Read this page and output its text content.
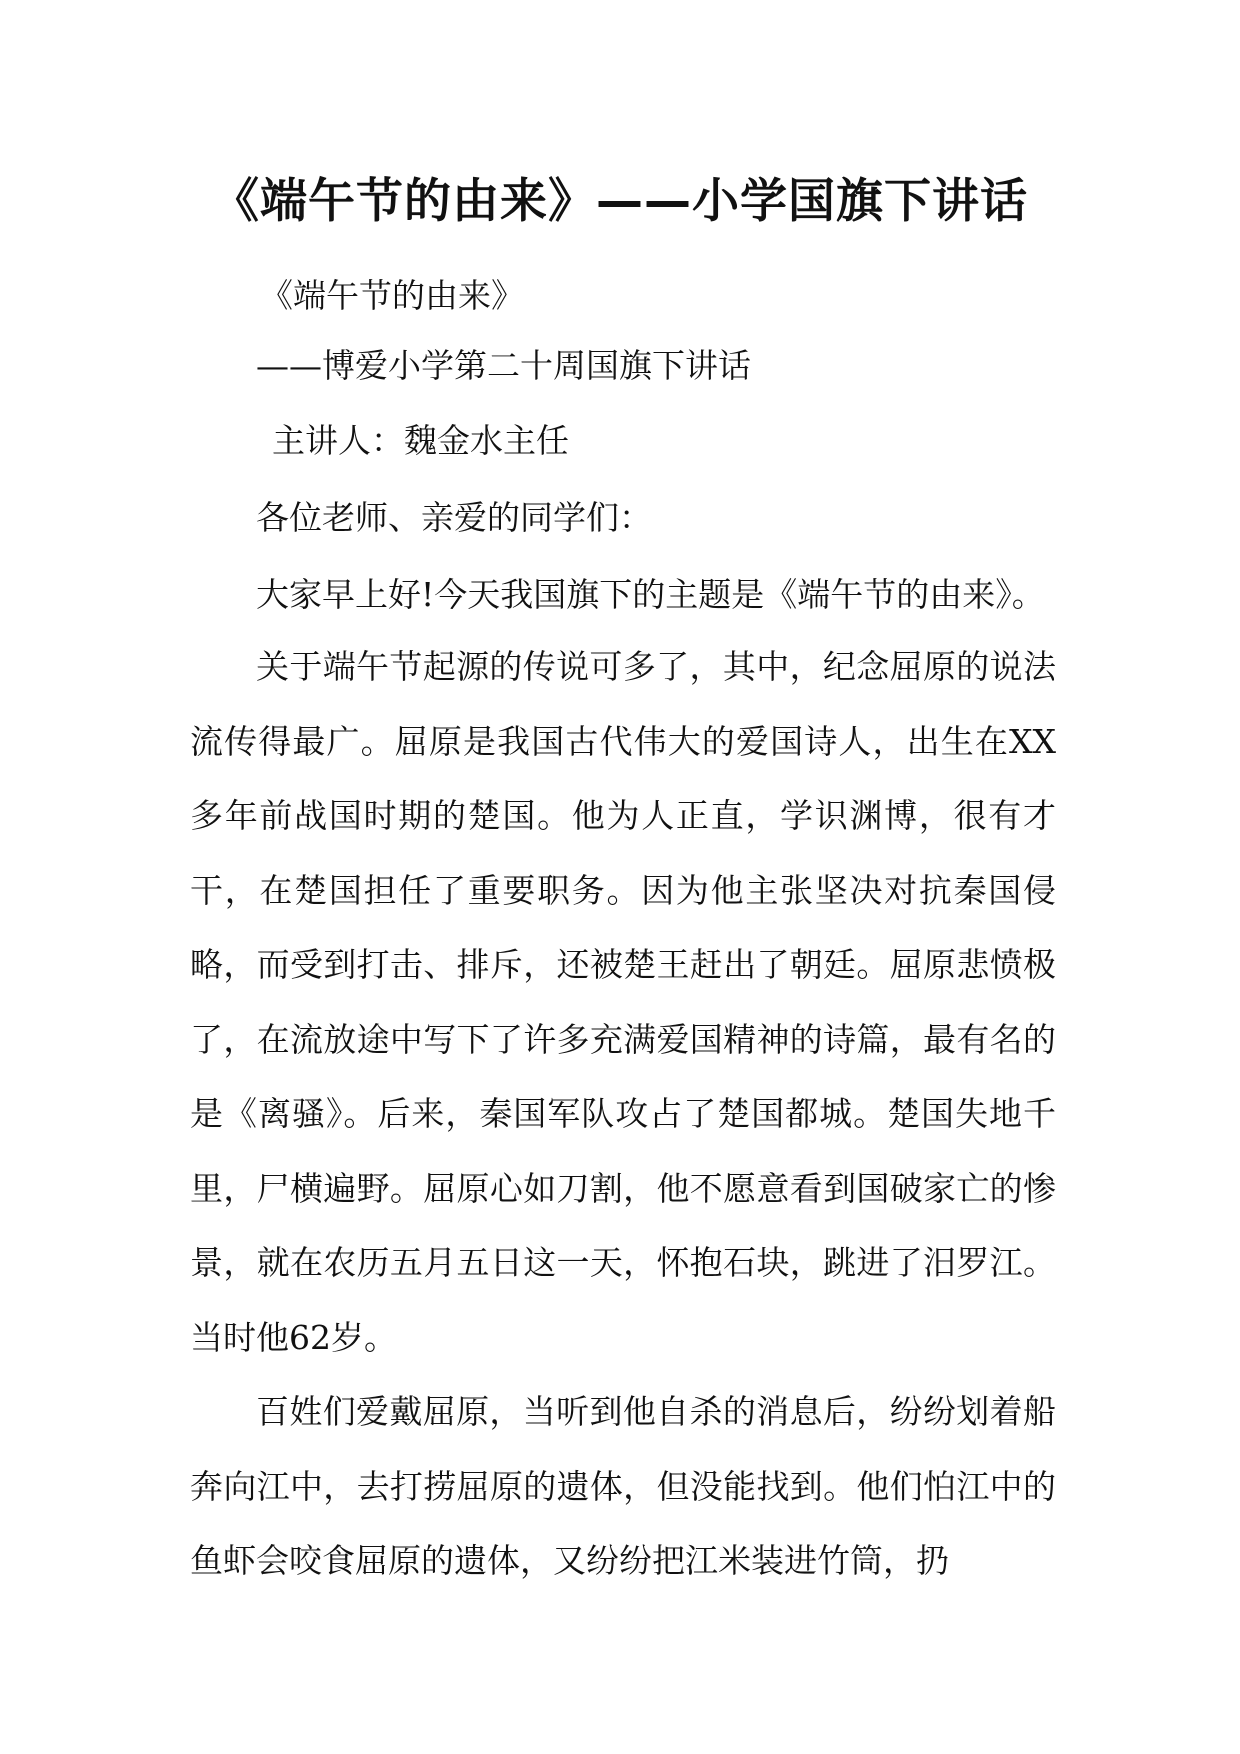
《端午节的由来》——小学国旗下讲话
《端午节的由来》
——博爱小学第二十周国旗下讲话
主讲人：魏金水主任
各位老师、亲爱的同学们：
大家早上好!今天我国旗下的主题是《端午节的由来》。
关于端午节起源的传说可多了，其中，纪念屈原的说法流传得最广。屈原是我国古代伟大的爱国诗人，出生在XX多年前战国时期的楚国。他为人正直，学识渊博，很有才干，在楚国担任了重要职务。因为他主张坚决对抗秦国侵略，而受到打击、排斥，还被楚王赶出了朝廷。屈原悲愤极了，在流放途中写下了许多充满爱国精神的诗篇，最有名的是《离骚》。后来，秦国军队攻占了楚国都城。楚国失地千里，尸横遍野。屈原心如刀割，他不愿意看到国破家亡的惨景，就在农历五月五日这一天，怀抱石块，跳进了汨罗江。当时他62岁。
百姓们爱戴屈原，当听到他自杀的消息后，纷纷划着船奔向江中，去打捞屈原的遗体，但没能找到。他们怕江中的鱼虾会咬食屈原的遗体，又纷纷把江米装进竹筒，扔
